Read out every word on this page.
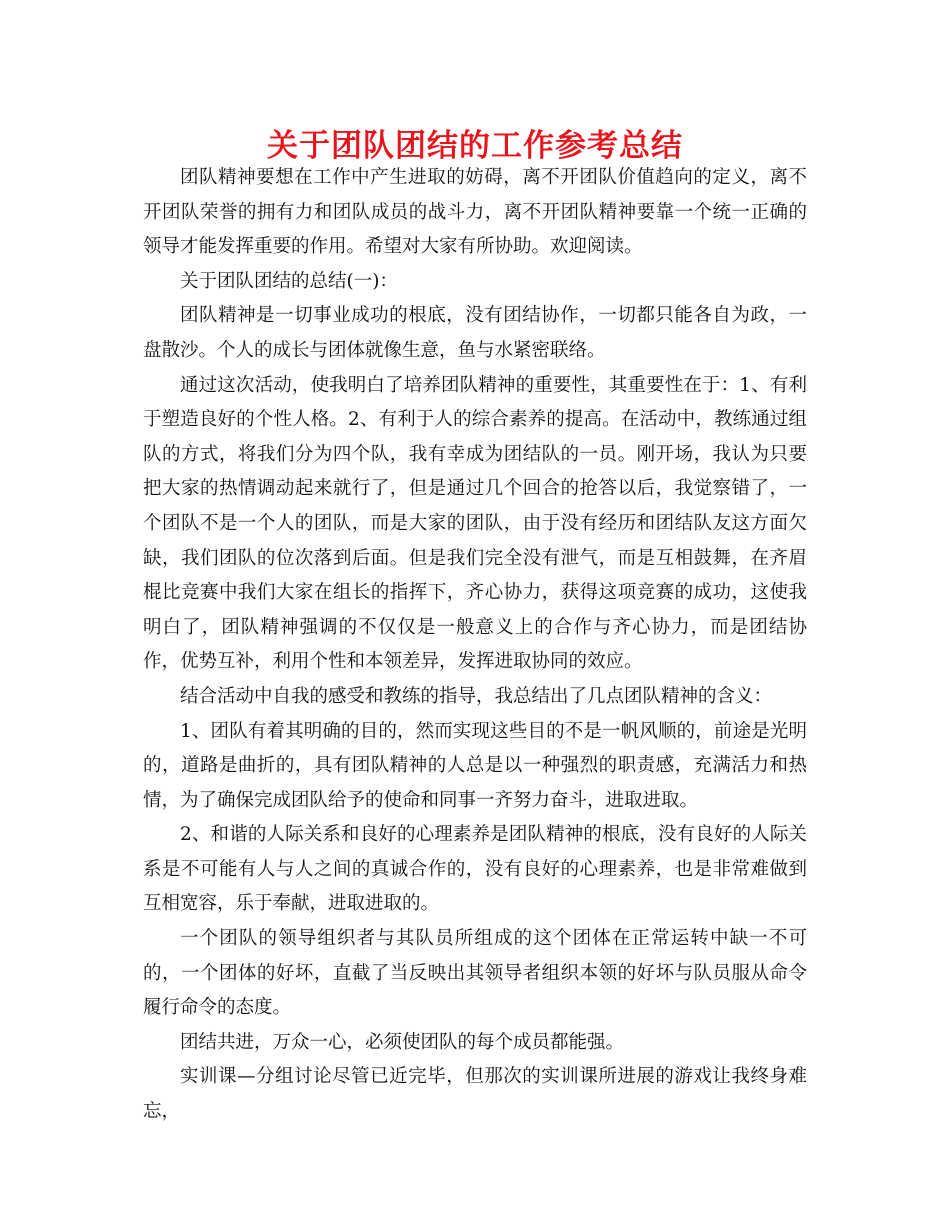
关于团队团结的工作参考总结

团队精神要想在工作中产生进取的妨碍，离不开团队价值趋向的定义，离不开团队荣誉的拥有力和团队成员的战斗力，离不开团队精神要靠一个统一正确的领导才能发挥重要的作用。希望对大家有所协助。欢迎阅读。

关于团队团结的总结(一)：

团队精神是一切事业成功的根底，没有团结协作，一切都只能各自为政，一盘散沙。个人的成长与团体就像生意，鱼与水紧密联络。

通过这次活动，使我明白了培养团队精神的重要性，其重要性在于：1、有利于塑造良好的个性人格。2、有利于人的综合素养的提高。在活动中，教练通过组队的方式，将我们分为四个队，我有幸成为团结队的一员。刚开场，我认为只要把大家的热情调动起来就行了，但是通过几个回合的抢答以后，我觉察错了，一个团队不是一个人的团队，而是大家的团队，由于没有经历和团结队友这方面欠缺，我们团队的位次落到后面。但是我们完全没有泄气，而是互相鼓舞，在齐眉棍比竞赛中我们大家在组长的指挥下，齐心协力，获得这项竞赛的成功，这使我明白了，团队精神强调的不仅仅是一般意义上的合作与齐心协力，而是团结协作，优势互补，利用个性和本领差异，发挥进取协同的效应。

结合活动中自我的感受和教练的指导，我总结出了几点团队精神的含义：

1、团队有着其明确的目的，然而实现这些目的不是一帆风顺的，前途是光明的，道路是曲折的，具有团队精神的人总是以一种强烈的职责感，充满活力和热情，为了确保完成团队给予的使命和同事一齐努力奋斗，进取进取。

2、和谐的人际关系和良好的心理素养是团队精神的根底，没有良好的人际关系是不可能有人与人之间的真诚合作的，没有良好的心理素养，也是非常难做到互相宽容，乐于奉献，进取进取的。

一个团队的领导组织者与其队员所组成的这个团体在正常运转中缺一不可的，一个团体的好坏，直截了当反映出其领导者组织本领的好坏与队员服从命令履行命令的态度。

团结共进，万众一心，必须使团队的每个成员都能强。

实训课—分组讨论尽管已近完毕，但那次的实训课所进展的游戏让我终身难忘，
